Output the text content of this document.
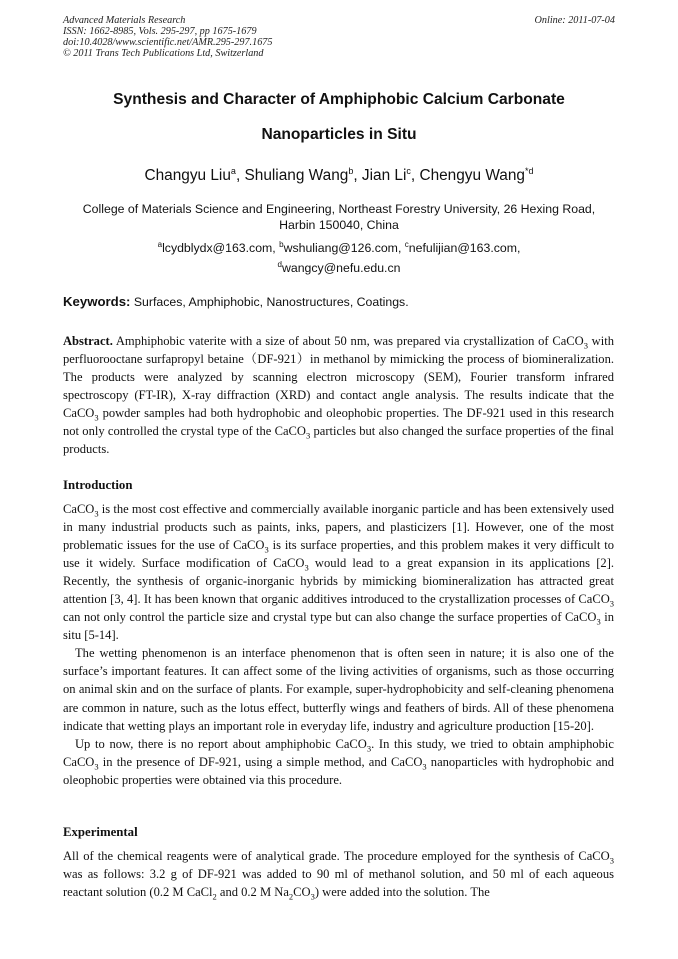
Advanced Materials Research
ISSN: 1662-8985, Vols. 295-297, pp 1675-1679
doi:10.4028/www.scientific.net/AMR.295-297.1675
© 2011 Trans Tech Publications Ltd, Switzerland
Online: 2011-07-04
Synthesis and Character of Amphiphobic Calcium Carbonate
Nanoparticles in Situ
Changyu Liu$^a$, Shuliang Wang$^b$, Jian Li$^c$, Chengyu Wang$^{*d}$
College of Materials Science and Engineering, Northeast Forestry University, 26 Hexing Road,
Harbin 150040, China
$^a$lcydblydx@163.com, $^b$wshuliang@126.com, $^c$nefulijian@163.com,
$^d$wangcy@nefu.edu.cn
Keywords: Surfaces, Amphiphobic, Nanostructures, Coatings.

Abstract. Amphiphobic vaterite with a size of about 50 nm, was prepared via crystallization of CaCO$_3$ with perfluorooctane surfapropyl betaine（DF-921）in methanol by mimicking the process of biomineralization. The products were analyzed by scanning electron microscopy (SEM), Fourier transform infrared spectroscopy (FT-IR), X-ray diffraction (XRD) and contact angle analysis. The results indicate that the CaCO$_3$ powder samples had both hydrophobic and oleophobic properties. The DF-921 used in this research not only controlled the crystal type of the CaCO$_3$ particles but also changed the surface properties of the final products.

Introduction

CaCO$_3$ is the most cost effective and commercially available inorganic particle and has been extensively used in many industrial products such as paints, inks, papers, and plasticizers [1]. However, one of the most problematic issues for the use of CaCO$_3$ is its surface properties, and this problem makes it very difficult to use it widely. Surface modification of CaCO$_3$ would lead to a great expansion in its applications [2]. Recently, the synthesis of organic-inorganic hybrids by mimicking biomineralization has attracted great attention [3, 4]. It has been known that organic additives introduced to the crystallization processes of CaCO$_3$ can not only control the particle size and crystal type but can also change the surface properties of CaCO$_3$ in situ [5-14].

The wetting phenomenon is an interface phenomenon that is often seen in nature; it is also one of the surface’s important features. It can affect some of the living activities of organisms, such as those occurring on animal skin and on the surface of plants. For example, super-hydrophobicity and self-cleaning phenomena are common in nature, such as the lotus effect, butterfly wings and feathers of birds. All of these phenomena indicate that wetting plays an important role in everyday life, industry and agriculture production [15-20].

Up to now, there is no report about amphiphobic CaCO$_3$. In this study, we tried to obtain amphiphobic CaCO$_3$ in the presence of DF-921, using a simple method, and CaCO$_3$ nanoparticles with hydrophobic and oleophobic properties were obtained via this procedure.

Experimental

All of the chemical reagents were of analytical grade. The procedure employed for the synthesis of CaCO$_3$ was as follows: 3.2 g of DF-921 was added to 90 ml of methanol solution, and 50 ml of each aqueous reactant solution (0.2 M CaCl$_2$ and 0.2 M $Na_2CO_3$) were added into the solution. The
